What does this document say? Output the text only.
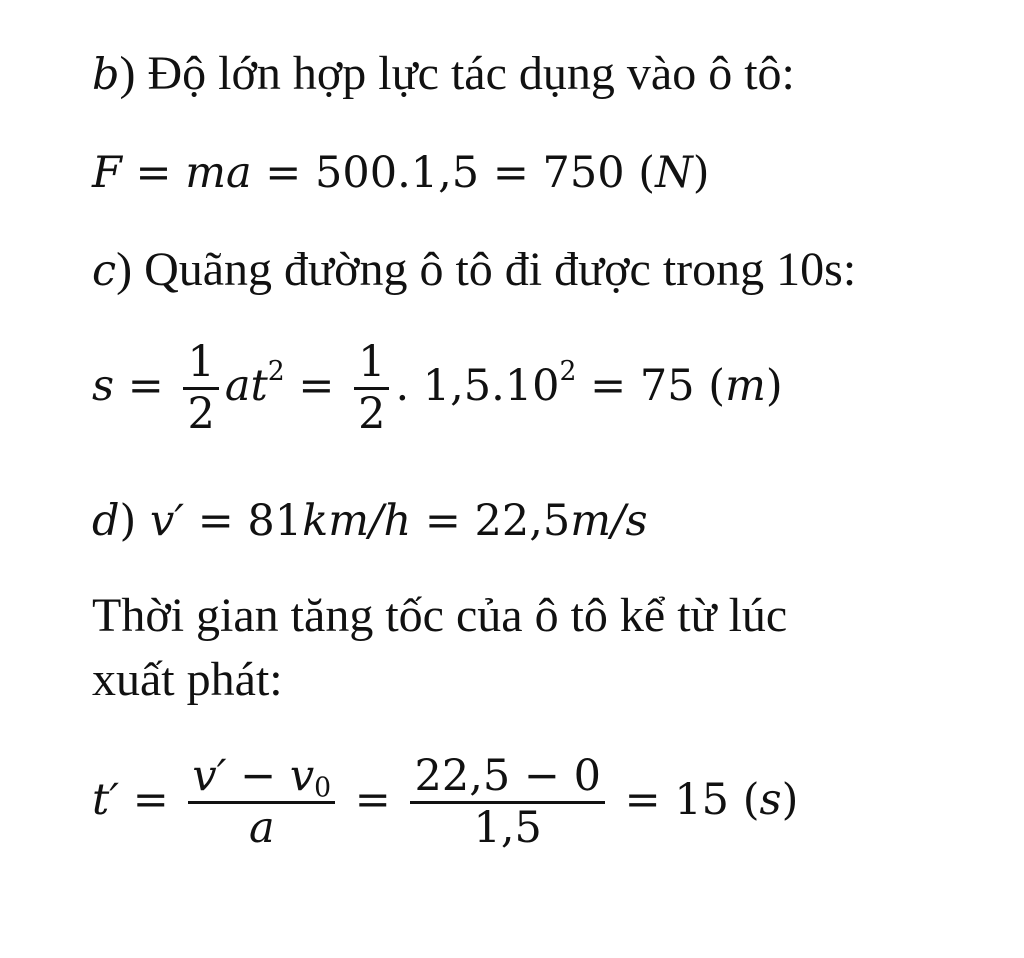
b) Độ lớn hợp lực tác dụng vào ô tô:
F = ma = 500.1,5 = 750 (N)
c) Quãng đường ô tô đi được trong 10s:
$s = \frac{1}{2} at^2 = \frac{1}{2}$ . $1,5.10^2 = 75$ (m)
d) v′ = 81km/h = 22,5m/s
Thời gian tăng tốc của ô tô kể từ lúc
xuất phát:
$t' = \frac{v' - v_0}{a} = \frac{22,5 - 0}{1,5} = 15$ (s)
